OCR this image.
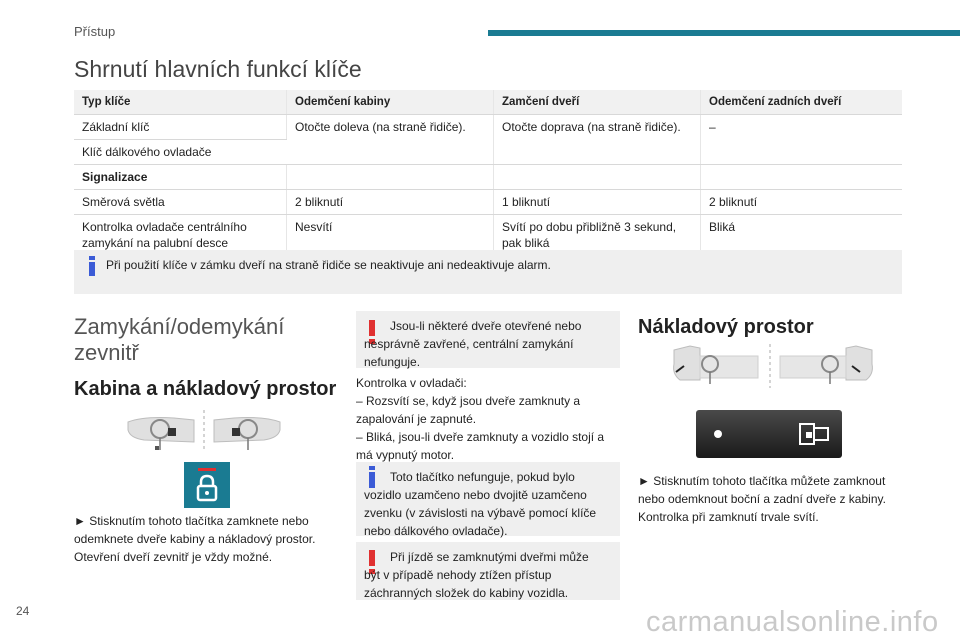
Přístup
Shrnutí hlavních funkcí klíče
Typ klíče	Odemčení kabiny	Zamčení dveří	Odemčení zadních dveří
Základní klíč	Otočte doleva (na straně řidiče).	Otočte doprava (na straně řidiče).	–
Klíč dálkového ovladače			
Signalizace			
Směrová světla	2 bliknutí	1 bliknutí	2 bliknutí
Kontrolka ovladače centrálního zamykání na palubní desce	Nesvítí	Svítí po dobu přibližně 3 sekund, pak bliká	Bliká
Při použití klíče v zámku dveří na straně řidiče se neaktivuje ani nedeaktivuje alarm.
Zamykání/odemykání zevnitř
Kabina a nákladový prostor
► Stisknutím tohoto tlačítka zamknete nebo odemknete dveře kabiny a nákladový prostor. Otevření dveří zevnitř je vždy možné.
Jsou-li některé dveře otevřené nebo nesprávně zavřené, centrální zamykání nefunguje.
Kontrolka v ovladači:
– Rozsvítí se, když jsou dveře zamknuty a zapalování je zapnuté.
– Bliká, jsou-li dveře zamknuty a vozidlo stojí a má vypnutý motor.
Toto tlačítko nefunguje, pokud bylo vozidlo uzamčeno nebo dvojitě uzamčeno zvenku (v závislosti na výbavě pomocí klíče nebo dálkového ovladače).
Při jízdě se zamknutými dveřmi může být v případě nehody ztížen přístup záchranných složek do kabiny vozidla.
Nákladový prostor
► Stisknutím tohoto tlačítka můžete zamknout nebo odemknout boční a zadní dveře z kabiny. Kontrolka při zamknutí trvale svítí.
24	carmanualsonline.info
